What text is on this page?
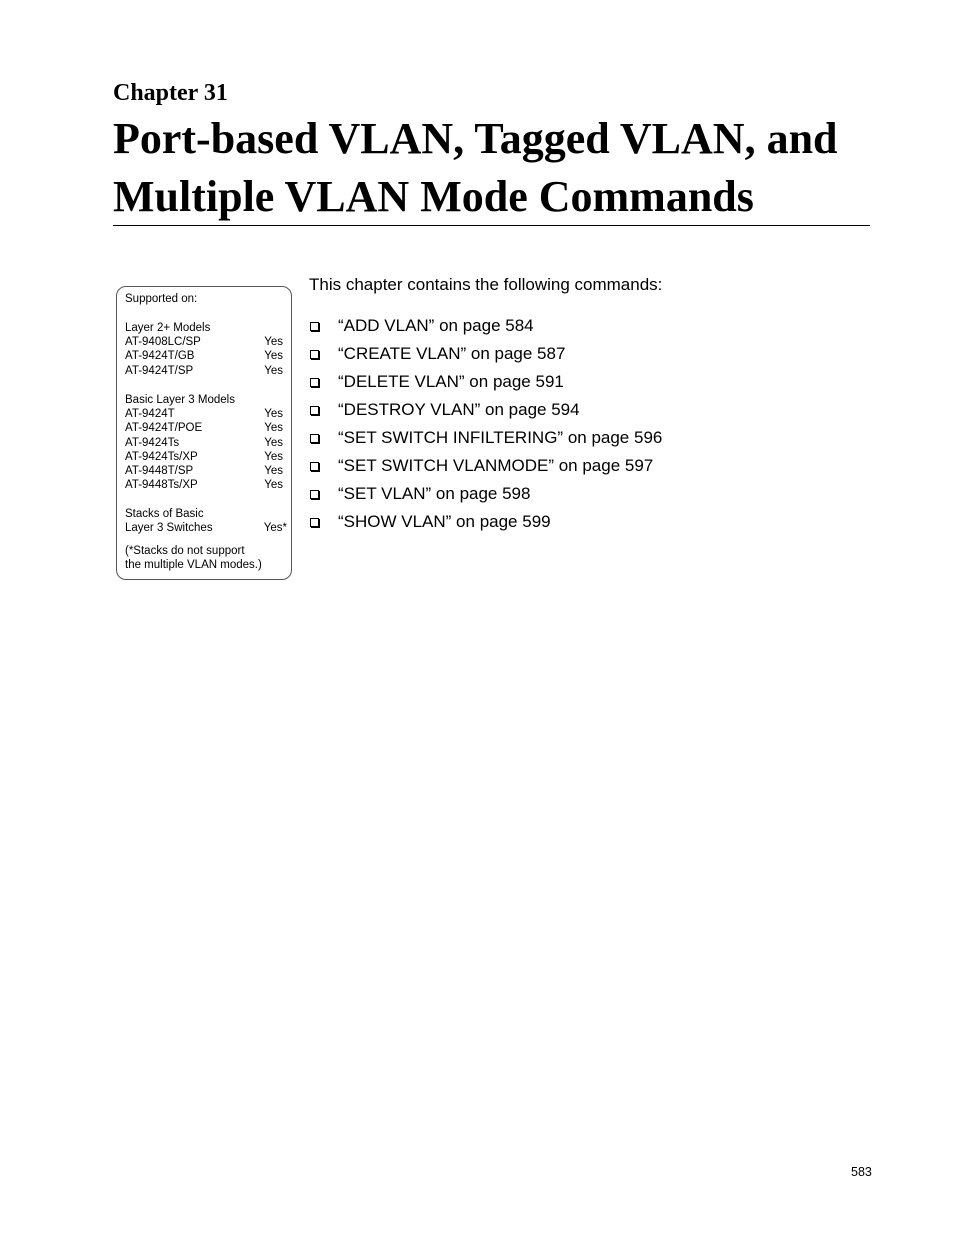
Chapter 31
Port-based VLAN, Tagged VLAN, and Multiple VLAN Mode Commands
Supported on:
Layer 2+ Models
AT-9408LC/SP	Yes
AT-9424T/GB	Yes
AT-9424T/SP	Yes
Basic Layer 3 Models
AT-9424T	Yes
AT-9424T/POE	Yes
AT-9424Ts	Yes
AT-9424Ts/XP	Yes
AT-9448T/SP	Yes
AT-9448Ts/XP	Yes
Stacks of Basic
Layer 3 Switches	Yes*
(*Stacks do not support
the multiple VLAN modes.)
This chapter contains the following commands:
“ADD VLAN” on page 584
“CREATE VLAN” on page 587
“DELETE VLAN” on page 591
“DESTROY VLAN” on page 594
“SET SWITCH INFILTERING” on page 596
“SET SWITCH VLANMODE” on page 597
“SET VLAN” on page 598
“SHOW VLAN” on page 599
583
